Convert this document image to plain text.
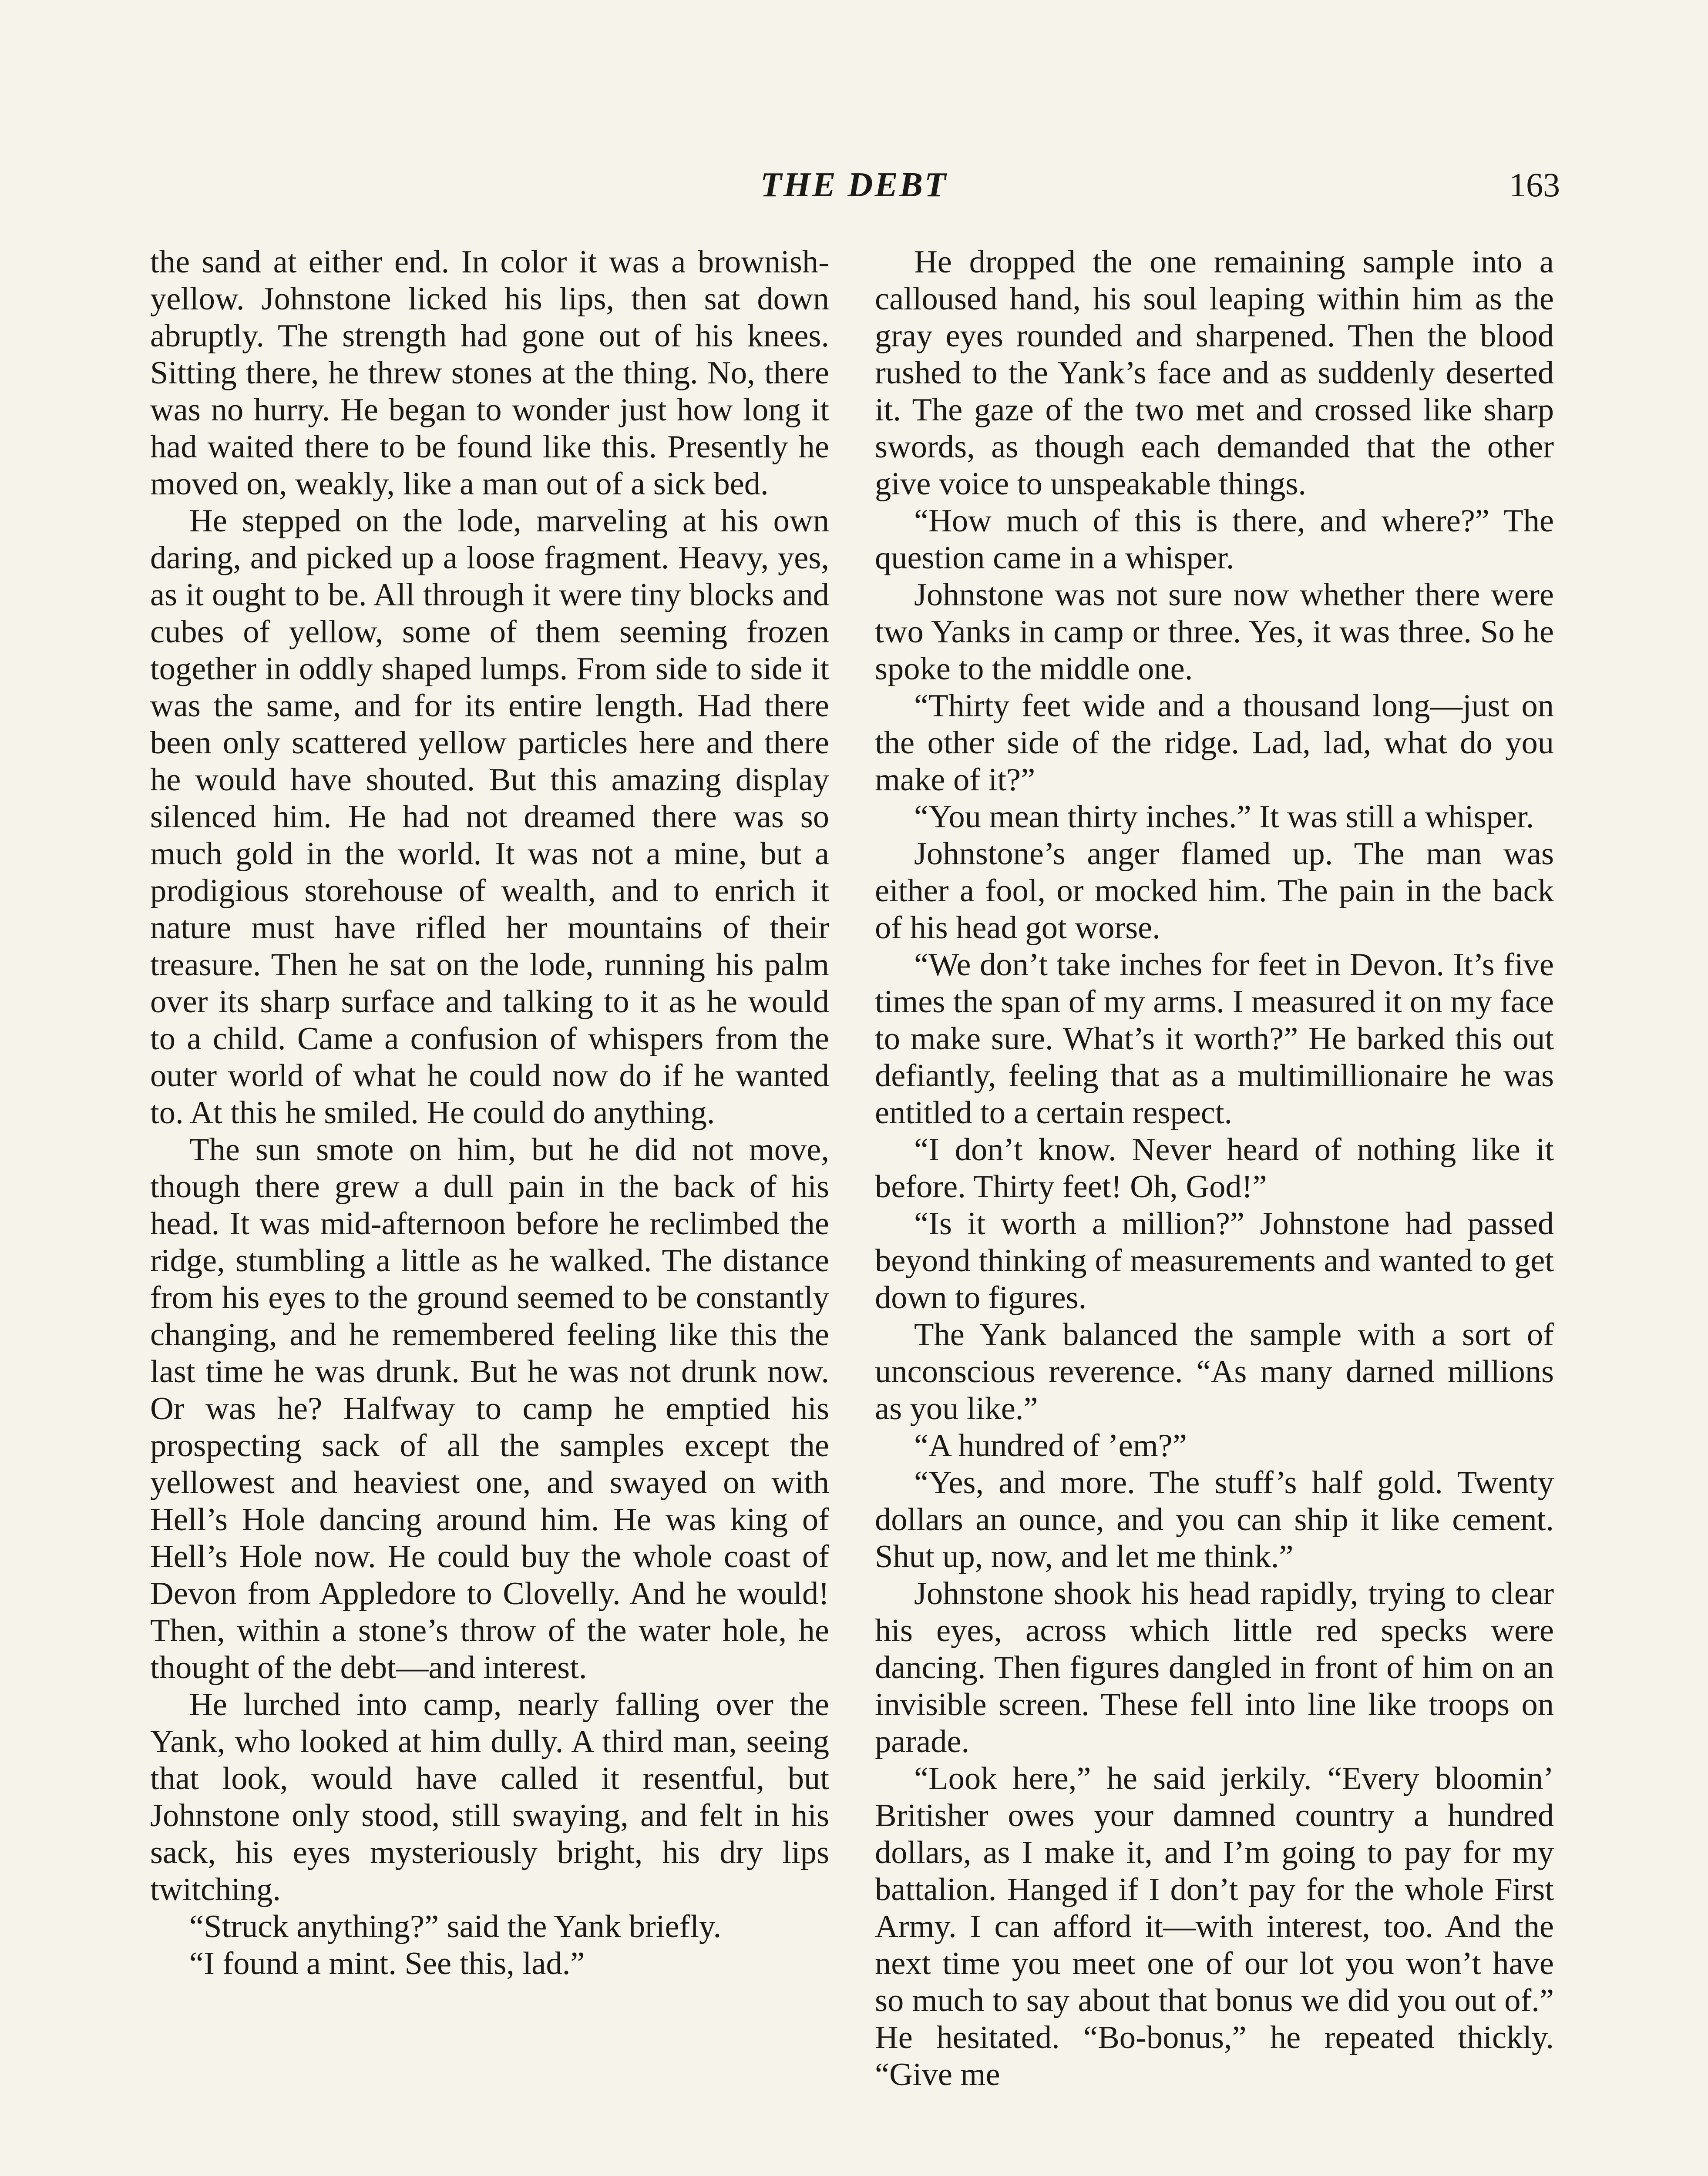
THE DEBT	163

the sand at either end. In color it was a brownish-yellow. Johnstone licked his lips, then sat down abruptly. The strength had gone out of his knees. Sitting there, he threw stones at the thing. No, there was no hurry. He began to wonder just how long it had waited there to be found like this. Presently he moved on, weakly, like a man out of a sick bed.

He stepped on the lode, marveling at his own daring, and picked up a loose fragment. Heavy, yes, as it ought to be. All through it were tiny blocks and cubes of yellow, some of them seeming frozen together in oddly shaped lumps. From side to side it was the same, and for its entire length. Had there been only scattered yellow particles here and there he would have shouted. But this amazing display silenced him. He had not dreamed there was so much gold in the world. It was not a mine, but a prodigious storehouse of wealth, and to enrich it nature must have rifled her mountains of their treasure. Then he sat on the lode, running his palm over its sharp surface and talking to it as he would to a child. Came a confusion of whispers from the outer world of what he could now do if he wanted to. At this he smiled. He could do anything.

The sun smote on him, but he did not move, though there grew a dull pain in the back of his head. It was mid-afternoon before he reclimbed the ridge, stumbling a little as he walked. The distance from his eyes to the ground seemed to be constantly changing, and he remembered feeling like this the last time he was drunk. But he was not drunk now. Or was he? Halfway to camp he emptied his prospecting sack of all the samples except the yellowest and heaviest one, and swayed on with Hell’s Hole dancing around him. He was king of Hell’s Hole now. He could buy the whole coast of Devon from Appledore to Clovelly. And he would! Then, within a stone’s throw of the water hole, he thought of the debt—and interest.

He lurched into camp, nearly falling over the Yank, who looked at him dully. A third man, seeing that look, would have called it resentful, but Johnstone only stood, still swaying, and felt in his sack, his eyes mysteriously bright, his dry lips twitching.

“Struck anything?” said the Yank briefly.

“I found a mint. See this, lad.”

He dropped the one remaining sample into a calloused hand, his soul leaping within him as the gray eyes rounded and sharpened. Then the blood rushed to the Yank’s face and as suddenly deserted it. The gaze of the two met and crossed like sharp swords, as though each demanded that the other give voice to unspeakable things.

“How much of this is there, and where?” The question came in a whisper.

Johnstone was not sure now whether there were two Yanks in camp or three. Yes, it was three. So he spoke to the middle one.

“Thirty feet wide and a thousand long—just on the other side of the ridge. Lad, lad, what do you make of it?”

“You mean thirty inches.” It was still a whisper.

Johnstone’s anger flamed up. The man was either a fool, or mocked him. The pain in the back of his head got worse.

“We don’t take inches for feet in Devon. It’s five times the span of my arms. I measured it on my face to make sure. What’s it worth?” He barked this out defiantly, feeling that as a multimillionaire he was entitled to a certain respect.

“I don’t know. Never heard of nothing like it before. Thirty feet! Oh, God!”

“Is it worth a million?” Johnstone had passed beyond thinking of measurements and wanted to get down to figures.

The Yank balanced the sample with a sort of unconscious reverence. “As many darned millions as you like.”

“A hundred of ’em?”

“Yes, and more. The stuff’s half gold. Twenty dollars an ounce, and you can ship it like cement. Shut up, now, and let me think.”

Johnstone shook his head rapidly, trying to clear his eyes, across which little red specks were dancing. Then figures dangled in front of him on an invisible screen. These fell into line like troops on parade.

“Look here,” he said jerkily. “Every bloomin’ Britisher owes your damned country a hundred dollars, as I make it, and I’m going to pay for my battalion. Hanged if I don’t pay for the whole First Army. I can afford it—with interest, too. And the next time you meet one of our lot you won’t have so much to say about that bonus we did you out of.” He hesitated. “Bo-bonus,” he repeated thickly. “Give me
